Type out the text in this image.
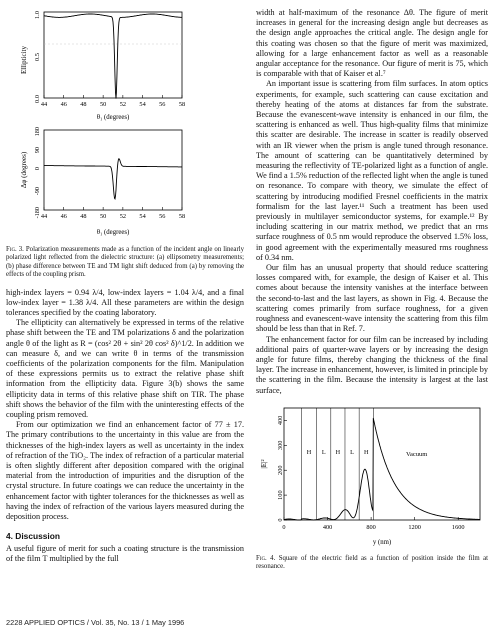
Ellipticity
0.0
0.5
1.0
44 46 48 50 52 54 56 58
θ₁ (degrees)
Δφ (degrees)
-180
-90
0
90
180
44 46 48 50 52 54 56 58
θ₁ (degrees)
Fig. 3. Polarization measurements made as a function of the incident angle on linearly polarized light reflected from the dielectric structure: (a) ellipsometry measurements; (b) phase difference between TE and TM light shift deduced from (a) by removing the effects of the coupling prism.

high-index layers = 0.94 λ/4, low-index layers = 1.04 λ/4, and a final low-index layer = 1.38 λ/4. All these parameters are within the design tolerances specified by the coating laboratory.

The ellipticity can alternatively be expressed in terms of the relative phase shift between the TE and TM polarizations δ and the polarization angle θ of the light as R = (cos² 2θ + sin² 2θ cos² δ)^1/2. In addition we can measure δ, and we can write θ in terms of the transmission coefficients of the polarization components for the film. Manipulation of these expressions permits us to extract the relative phase shift information from the ellipticity data. Figure 3(b) shows the same ellipticity data in terms of this relative phase shift on TIR. The phase shift shows the behavior of the film with the uninteresting effects of the coupling prism removed.

From our optimization we find an enhancement factor of 77 ± 17. The primary contributions to the uncertainty in this value are from the thicknesses of the high-index layers as well as uncertainty in the index of refraction of the TiO₂. The index of refraction of a particular material is often slightly different after deposition compared with the original material from the introduction of impurities and the disruption of the crystal structure. In future coatings we can reduce the uncertainty in the enhancement factor with tighter tolerances for the thicknesses as well as having the index of refraction of the various layers measured during the deposition process.

4. Discussion

A useful figure of merit for such a coating structure is the transmission of the film T multiplied by the full

width at half-maximum of the resonance Δθ. The figure of merit increases in general for the increasing design angle but decreases as the design angle approaches the critical angle. The design angle for this coating was chosen so that the figure of merit was maximized, allowing for a large enhancement factor as well as a reasonable angular acceptance for the resonance. Our figure of merit is 75, which is comparable with that of Kaiser et al.⁷

An important issue is scattering from film surfaces. In atom optics experiments, for example, such scattering can cause excitation and thereby heating of the atoms at distances far from the substrate. Because the evanescent-wave intensity is enhanced in our film, the scattering is enhanced as well. Thus high-quality films that minimize this scatter are desirable. The increase in scatter is readily observed with an IR viewer when the prism is angle tuned through resonance. The amount of scattering can be quantitatively determined by measuring the reflectivity of TE-polarized light as a function of angle. We find a 1.5% reduction of the reflected light when the angle is tuned on resonance. To compare with theory, we simulate the effect of scattering by introducing modified Fresnel coefficients in the matrix formalism for the last layer.¹¹ Such a treatment has been used previously in multilayer semiconductor systems, for example.¹² By including scattering in our matrix method, we predict that an rms surface roughness of 0.5 nm would reproduce the observed 1.5% loss, in good agreement with the experimentally measured rms roughness of 0.34 nm.

Our film has an unusual property that should reduce scattering losses compared with, for example, the design of Kaiser et al. This comes about because the intensity vanishes at the interface between the second-to-last and the last layers, as shown in Fig. 4. Because the scattering comes primarily from surface roughness, for a given roughness and evanescent-wave intensity the scattering from this film should be less than that in Ref. 7.

The enhancement factor for our film can be increased by including additional pairs of quarter-wave layers or by increasing the design angle for future films, thereby changing the thickness of the final layer. The increase in enhancement, however, is limited in principle by the scattering in the film. Because the intensity is largest at the last surface,

|E|²
0
100
200
300
400
0	400	800	1200	1600
H L H L H	Vacuum
y (nm)
Fig. 4. Square of the electric field as a function of position inside the film at resonance.
2228 APPLIED OPTICS / Vol. 35, No. 13 / 1 May 1996
